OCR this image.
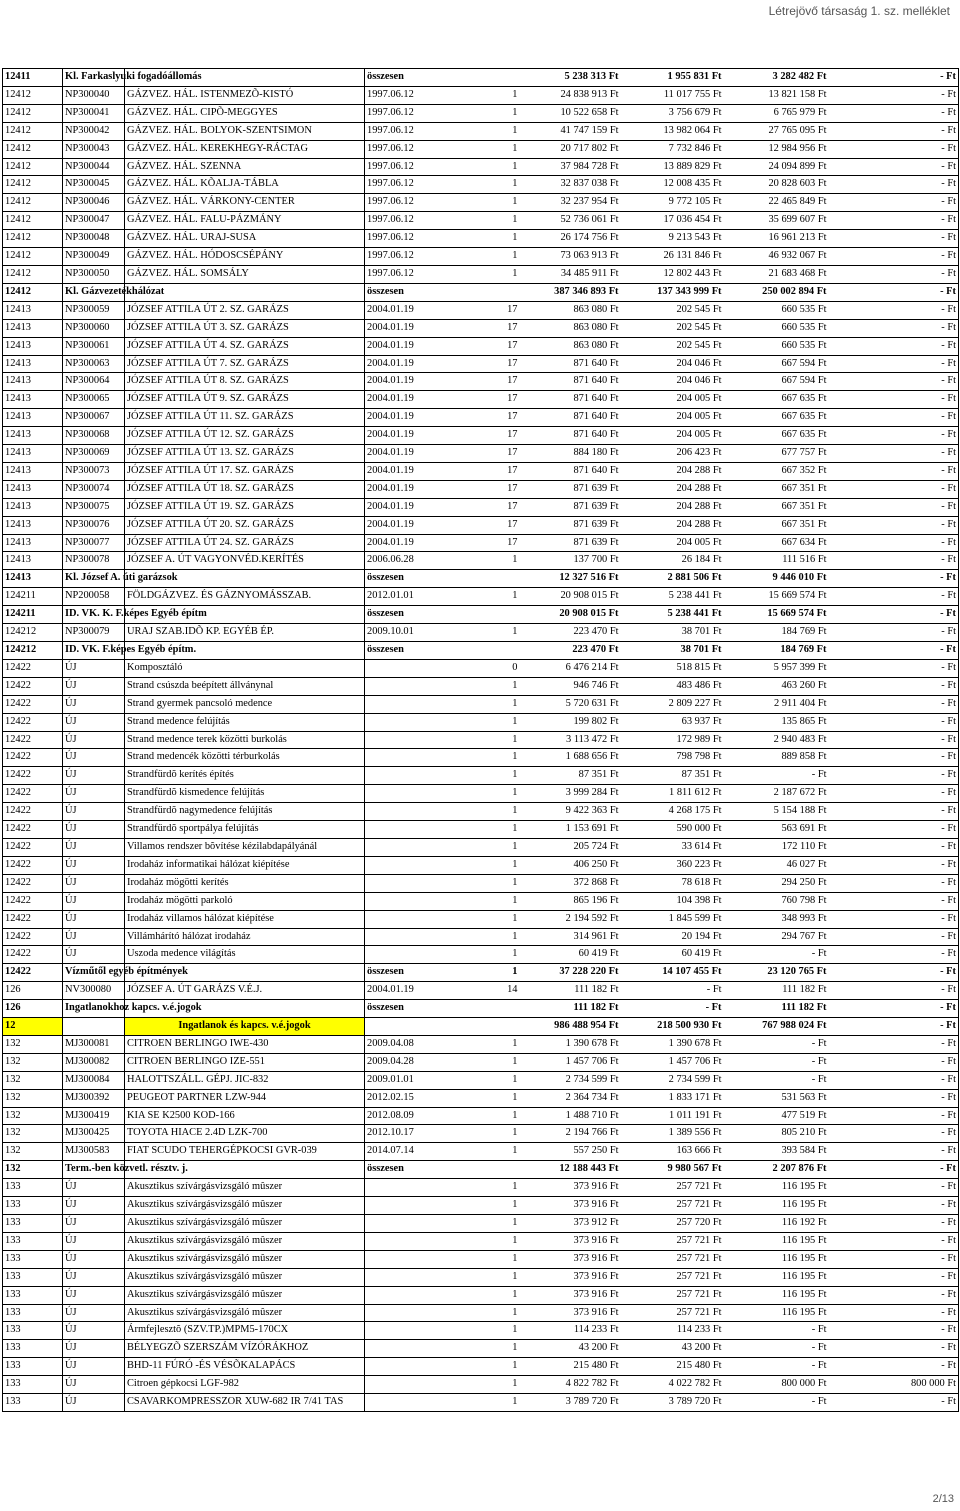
Létrejövő társaság 1. sz. melléklet
12411	Kl. Farkaslyuki fogadóállomás		összesen		5 238 313 Ft	1 955 831 Ft	3 282 482 Ft	- Ft
12412	NP300040	GÁZVEZ. HÁL. ISTENMEZÕ-KISTÓ	1997.06.12	1	24 838 913 Ft	11 017 755 Ft	13 821 158 Ft	- Ft
12412	NP300041	GÁZVEZ. HÁL. CIPÕ-MEGGYES	1997.06.12	1	10 522 658 Ft	3 756 679 Ft	6 765 979 Ft	- Ft
12412	NP300042	GÁZVEZ. HÁL. BOLYOK-SZENTSIMON	1997.06.12	1	41 747 159 Ft	13 982 064 Ft	27 765 095 Ft	- Ft
12412	NP300043	GÁZVEZ. HÁL. KEREKHEGY-RÁCTAG	1997.06.12	1	20 717 802 Ft	7 732 846 Ft	12 984 956 Ft	- Ft
12412	NP300044	GÁZVEZ. HÁL. SZENNA	1997.06.12	1	37 984 728 Ft	13 889 829 Ft	24 094 899 Ft	- Ft
12412	NP300045	GÁZVEZ. HÁL. KÕALJA-TÁBLA	1997.06.12	1	32 837 038 Ft	12 008 435 Ft	20 828 603 Ft	- Ft
12412	NP300046	GÁZVEZ. HÁL. VÁRKONY-CENTER	1997.06.12	1	32 237 954 Ft	9 772 105 Ft	22 465 849 Ft	- Ft
12412	NP300047	GÁZVEZ. HÁL. FALU-PÁZMÁNY	1997.06.12	1	52 736 061 Ft	17 036 454 Ft	35 699 607 Ft	- Ft
12412	NP300048	GÁZVEZ. HÁL. URAJ-SUSA	1997.06.12	1	26 174 756 Ft	9 213 543 Ft	16 961 213 Ft	- Ft
12412	NP300049	GÁZVEZ. HÁL. HÓDOSCSÉPÁNY	1997.06.12	1	73 063 913 Ft	26 131 846 Ft	46 932 067 Ft	- Ft
12412	NP300050	GÁZVEZ. HÁL. SOMSÁLY	1997.06.12	1	34 485 911 Ft	12 802 443 Ft	21 683 468 Ft	- Ft
12412	Kl. Gázvezetékhálózat		összesen		387 346 893 Ft	137 343 999 Ft	250 002 894 Ft	- Ft
12413	NP300059	JÓZSEF ATTILA ÚT 2. SZ. GARÁZS	2004.01.19	17	863 080 Ft	202 545 Ft	660 535 Ft	- Ft
12413	NP300060	JÓZSEF ATTILA ÚT 3. SZ. GARÁZS	2004.01.19	17	863 080 Ft	202 545 Ft	660 535 Ft	- Ft
12413	NP300061	JÓZSEF ATTILA ÚT 4. SZ. GARÁZS	2004.01.19	17	863 080 Ft	202 545 Ft	660 535 Ft	- Ft
12413	NP300063	JÓZSEF ATTILA ÚT 7. SZ. GARÁZS	2004.01.19	17	871 640 Ft	204 046 Ft	667 594 Ft	- Ft
12413	NP300064	JÓZSEF ATTILA ÚT 8. SZ. GARÁZS	2004.01.19	17	871 640 Ft	204 046 Ft	667 594 Ft	- Ft
12413	NP300065	JÓZSEF ATTILA ÚT 9. SZ. GARÁZS	2004.01.19	17	871 640 Ft	204 005 Ft	667 635 Ft	- Ft
12413	NP300067	JÓZSEF ATTILA ÚT 11. SZ. GARÁZS	2004.01.19	17	871 640 Ft	204 005 Ft	667 635 Ft	- Ft
12413	NP300068	JÓZSEF ATTILA ÚT 12. SZ. GARÁZS	2004.01.19	17	871 640 Ft	204 005 Ft	667 635 Ft	- Ft
12413	NP300069	JÓZSEF ATTILA ÚT 13. SZ. GARÁZS	2004.01.19	17	884 180 Ft	206 423 Ft	677 757 Ft	- Ft
12413	NP300073	JÓZSEF ATTILA ÚT 17. SZ. GARÁZS	2004.01.19	17	871 640 Ft	204 288 Ft	667 352 Ft	- Ft
12413	NP300074	JÓZSEF ATTILA ÚT 18. SZ. GARÁZS	2004.01.19	17	871 639 Ft	204 288 Ft	667 351 Ft	- Ft
12413	NP300075	JÓZSEF ATTILA ÚT 19. SZ. GARÁZS	2004.01.19	17	871 639 Ft	204 288 Ft	667 351 Ft	- Ft
12413	NP300076	JÓZSEF ATTILA ÚT 20. SZ. GARÁZS	2004.01.19	17	871 639 Ft	204 288 Ft	667 351 Ft	- Ft
12413	NP300077	JÓZSEF ATTILA ÚT 24. SZ. GARÁZS	2004.01.19	17	871 639 Ft	204 005 Ft	667 634 Ft	- Ft
12413	NP300078	JÓZSEF A. ÚT VAGYONVÉD.KERÍTÉS	2006.06.28	1	137 700 Ft	26 184 Ft	111 516 Ft	- Ft
12413	Kl. József A. úti garázsok		összesen		12 327 516 Ft	2 881 506 Ft	9 446 010 Ft	- Ft
124211	NP200058	FÖLDGÁZVEZ. ÉS GÁZNYOMÁSSZAB.	2012.01.01	1	20 908 015 Ft	5 238 441 Ft	15 669 574 Ft	- Ft
124211	ID. VK. K. F.képes Egyéb építm		összesen		20 908 015 Ft	5 238 441 Ft	15 669 574 Ft	- Ft
124212	NP300079	URAJ SZAB.IDÕ KP. EGYÉB ÉP.	2009.10.01	1	223 470 Ft	38 701 Ft	184 769 Ft	- Ft
124212	ID. VK. F.képes Egyéb építm.		összesen		223 470 Ft	38 701 Ft	184 769 Ft	- Ft
12422	ÚJ	Komposztáló		0	6 476 214 Ft	518 815 Ft	5 957 399 Ft	- Ft
12422	ÚJ	Strand csúszda beépített állványnal		1	946 746 Ft	483 486 Ft	463 260 Ft	- Ft
12422	ÚJ	Strand gyermek pancsoló medence		1	5 720 631 Ft	2 809 227 Ft	2 911 404 Ft	- Ft
12422	ÚJ	Strand medence felújítás		1	199 802 Ft	63 937 Ft	135 865 Ft	- Ft
12422	ÚJ	Strand medence terek közötti burkolás		1	3 113 472 Ft	172 989 Ft	2 940 483 Ft	- Ft
12422	ÚJ	Strand medencék közötti térburkolás		1	1 688 656 Ft	798 798 Ft	889 858 Ft	- Ft
12422	ÚJ	Strandfürdõ kerítés építés		1	87 351 Ft	87 351 Ft	- Ft	- Ft
12422	ÚJ	Strandfürdõ kismedence felújítás		1	3 999 284 Ft	1 811 612 Ft	2 187 672 Ft	- Ft
12422	ÚJ	Strandfürdõ nagymedence felújítás		1	9 422 363 Ft	4 268 175 Ft	5 154 188 Ft	- Ft
12422	ÚJ	Strandfürdõ sportpálya felújítás		1	1 153 691 Ft	590 000 Ft	563 691 Ft	- Ft
12422	ÚJ	Villamos rendszer bõvítése kézilabdapályánál		1	205 724 Ft	33 614 Ft	172 110 Ft	- Ft
12422	ÚJ	Irodaház informatikai hálózat kiépítése		1	406 250 Ft	360 223 Ft	46 027 Ft	- Ft
12422	ÚJ	Irodaház mögötti kerítés		1	372 868 Ft	78 618 Ft	294 250 Ft	- Ft
12422	ÚJ	Irodaház mögötti parkoló		1	865 196 Ft	104 398 Ft	760 798 Ft	- Ft
12422	ÚJ	Irodaház villamos hálózat kiépítése		1	2 194 592 Ft	1 845 599 Ft	348 993 Ft	- Ft
12422	ÚJ	Villámhárító hálózat irodaház		1	314 961 Ft	20 194 Ft	294 767 Ft	- Ft
12422	ÚJ	Uszoda medence világítás		1	60 419 Ft	60 419 Ft	- Ft	- Ft
12422	Vízműtől egyéb építmények		összesen	1	37 228 220 Ft	14 107 455 Ft	23 120 765 Ft	- Ft
126	NV300080	JÓZSEF A. ÚT GARÁZS V.É.J.	2004.01.19	14	111 182 Ft	- Ft	111 182 Ft	- Ft
126	Ingatlanokhoz kapcs. v.é.jogok		összesen		111 182 Ft	- Ft	111 182 Ft	- Ft
12		Ingatlanok és kapcs. v.é.jogok			986 488 954 Ft	218 500 930 Ft	767 988 024 Ft	- Ft
132	MJ300081	CITROEN BERLINGO IWE-430	2009.04.08	1	1 390 678 Ft	1 390 678 Ft	- Ft	- Ft
132	MJ300082	CITROEN BERLINGO IZE-551	2009.04.28	1	1 457 706 Ft	1 457 706 Ft	- Ft	- Ft
132	MJ300084	HALOTTSZÁLL. GÉPJ. JIC-832	2009.01.01	1	2 734 599 Ft	2 734 599 Ft	- Ft	- Ft
132	MJ300392	PEUGEOT PARTNER LZW-944	2012.02.15	1	2 364 734 Ft	1 833 171 Ft	531 563 Ft	- Ft
132	MJ300419	KIA SE K2500 KOD-166	2012.08.09	1	1 488 710 Ft	1 011 191 Ft	477 519 Ft	- Ft
132	MJ300425	TOYOTA HIACE 2.4D LZK-700	2012.10.17	1	2 194 766 Ft	1 389 556 Ft	805 210 Ft	- Ft
132	MJ300583	FIAT SCUDO TEHERGÉPKOCSI GVR-039	2014.07.14	1	557 250 Ft	163 666 Ft	393 584 Ft	- Ft
132	Term.-ben közvetl. résztv. j.		összesen		12 188 443 Ft	9 980 567 Ft	2 207 876 Ft	- Ft
133	ÚJ	Akusztikus szívárgásvizsgáló mûszer		1	373 916 Ft	257 721 Ft	116 195 Ft	- Ft
133	ÚJ	Akusztikus szívárgásvizsgáló mûszer		1	373 916 Ft	257 721 Ft	116 195 Ft	- Ft
133	ÚJ	Akusztikus szívárgásvizsgáló mûszer		1	373 912 Ft	257 720 Ft	116 192 Ft	- Ft
133	ÚJ	Akusztikus szívárgásvizsgáló mûszer		1	373 916 Ft	257 721 Ft	116 195 Ft	- Ft
133	ÚJ	Akusztikus szívárgásvizsgáló mûszer		1	373 916 Ft	257 721 Ft	116 195 Ft	- Ft
133	ÚJ	Akusztikus szívárgásvizsgáló mûszer		1	373 916 Ft	257 721 Ft	116 195 Ft	- Ft
133	ÚJ	Akusztikus szívárgásvizsgáló mûszer		1	373 916 Ft	257 721 Ft	116 195 Ft	- Ft
133	ÚJ	Akusztikus szívárgásvizsgáló mûszer		1	373 916 Ft	257 721 Ft	116 195 Ft	- Ft
133	ÚJ	Ármfejlesztõ (SZV.TP.)MPM5-170CX		1	114 233 Ft	114 233 Ft	- Ft	- Ft
133	ÚJ	BÉLYEGZÕ SZERSZÁM VÍZÓRÁKHOZ		1	43 200 Ft	43 200 Ft	- Ft	- Ft
133	ÚJ	BHD-11 FÚRÓ -ÉS VÉSÕKALAPÁCS		1	215 480 Ft	215 480 Ft	- Ft	- Ft
133	ÚJ	Citroen gépkocsi LGF-982		1	4 822 782 Ft	4 022 782 Ft	800 000 Ft	800 000 Ft
133	ÚJ	CSAVARKOMPRESSZOR XUW-682 IR 7/41 TAS		1	3 789 720 Ft	3 789 720 Ft	- Ft	- Ft
2/13
